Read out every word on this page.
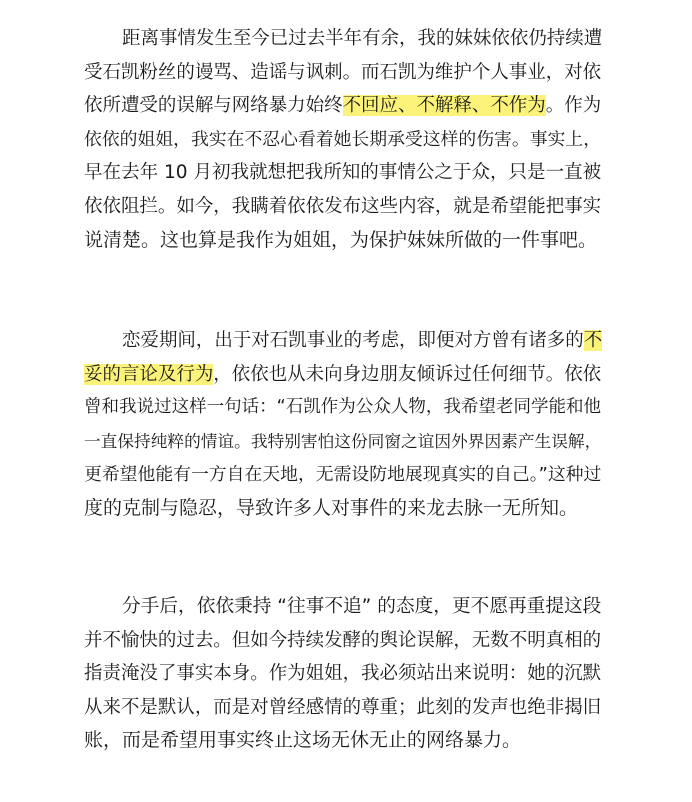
距离事情发生至今已过去半年有余，我的妹妹依依仍持续遭
受石凯粉丝的谩骂、造谣与讽刺。而石凯为维护个人事业，对依
依所遭受的误解与网络暴力始终不回应、不解释、不作为。作为
依依的姐姐，我实在不忍心看着她长期承受这样的伤害。事实上，
早在去年 10 月初我就想把我所知的事情公之于众，只是一直被
依依阻拦。如今，我瞒着依依发布这些内容，就是希望能把事实
说清楚。这也算是我作为姐姐，为保护妹妹所做的一件事吧。
恋爱期间，出于对石凯事业的考虑，即便对方曾有诸多的不
妥的言论及行为，依依也从未向身边朋友倾诉过任何细节。依依
曾和我说过这样一句话：“石凯作为公众人物，我希望老同学能和他
一直保持纯粹的情谊。我特别害怕这份同窗之谊因外界因素产生误解，
更希望他能有一方自在天地，无需设防地展现真实的自己。”这种过
度的克制与隐忍，导致许多人对事件的来龙去脉一无所知。
分手后，依依秉持 “往事不追” 的态度，更不愿再重提这段
并不愉快的过去。但如今持续发酵的舆论误解，无数不明真相的
指责淹没了事实本身。作为姐姐，我必须站出来说明：她的沉默
从来不是默认，而是对曾经感情的尊重；此刻的发声也绝非揭旧
账，而是希望用事实终止这场无休无止的网络暴力。
